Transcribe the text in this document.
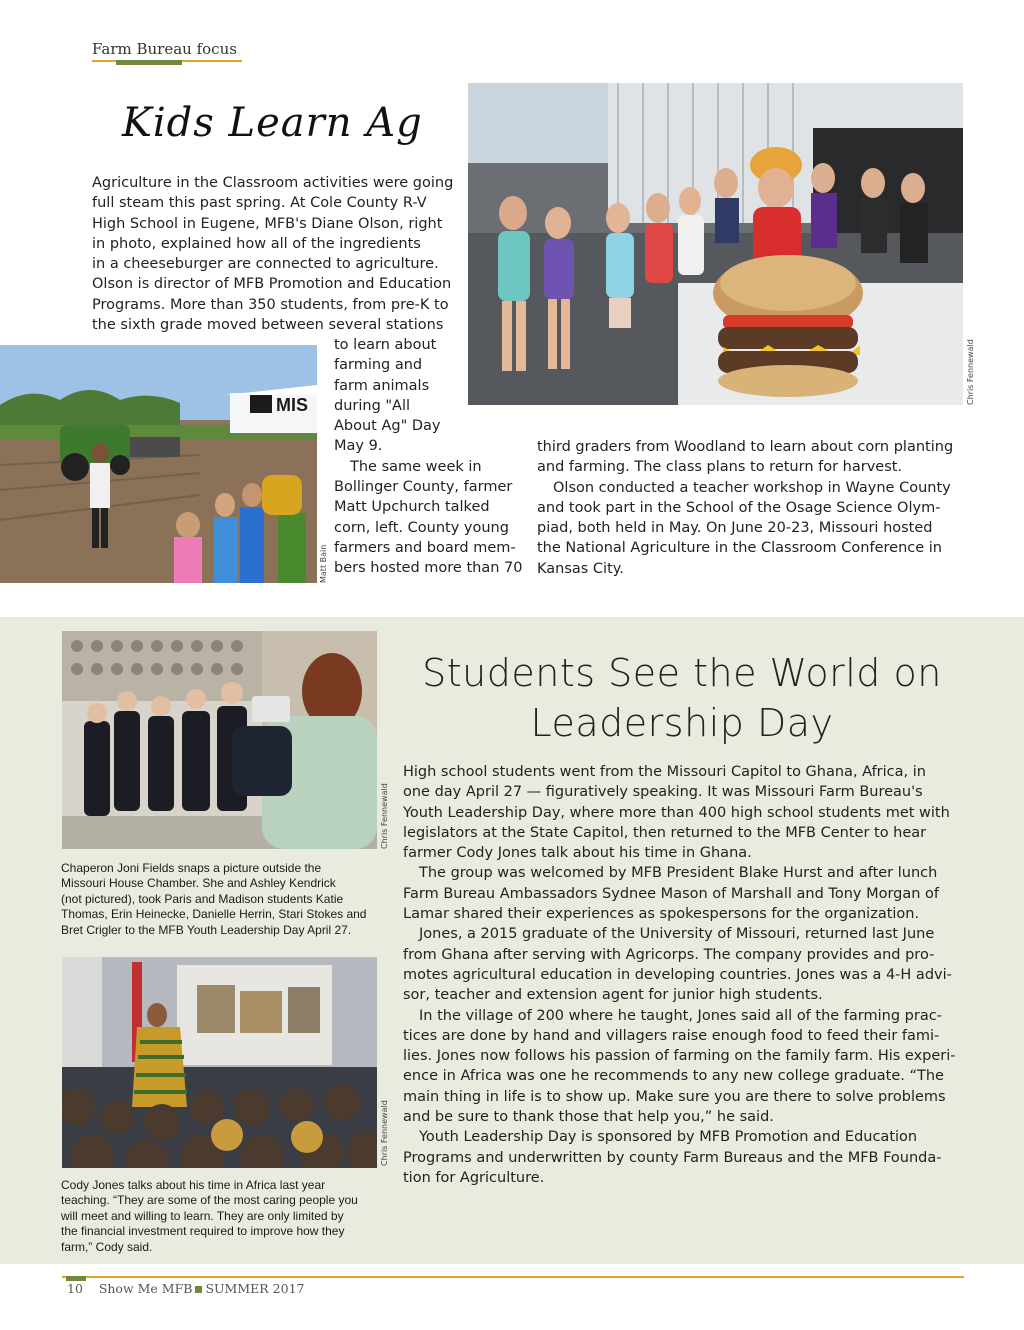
Farm Bureau focus
Kids Learn Ag

Agriculture in the Classroom activities were going

full steam this past spring. At Cole County R-V

High School in Eugene, MFB's Diane Olson, right

in photo, explained how all of the ingredients

in a cheeseburger are connected to agriculture.

Olson is director of MFB Promotion and Education

Programs. More than 350 students, from pre-K to

the sixth grade moved between several stations

to learn about

farming and

farm animals

during "All

About Ag" Day

May 9.

The same week in

Bollinger County, farmer

Matt Upchurch talked

corn, left. County young

farmers and board mem-

bers hosted more than 70

third graders from Woodland to learn about corn planting

and farming. The class plans to return for harvest.

Olson conducted a teacher workshop in Wayne County

and took part in the School of the Osage Science Olym-

piad, both held in May. On June 20-23, Missouri hosted

the National Agriculture in the Classroom Conference in

Kansas City.

Chris Fennewald
MIS
Matt Bain
Chris Fennewald
Chaperon Joni Fields snaps a picture outside the
Missouri House Chamber. She and Ashley Kendrick
(not pictured), took Paris and Madison students Katie
Thomas, Erin Heinecke, Danielle Herrin, Stari Stokes and
Bret Crigler to the MFB Youth Leadership Day April 27.
Chris Fennewald
Cody Jones talks about his time in Africa last year
teaching. “They are some of the most caring people you
will meet and willing to learn. They are only limited by
the financial investment required to improve how they
farm,” Cody said.
Students See the World on
Leadership Day

High school students went from the Missouri Capitol to Ghana, Africa, in

one day April 27 — figuratively speaking. It was Missouri Farm Bureau's

Youth Leadership Day, where more than 400 high school students met with

legislators at the State Capitol, then returned to the MFB Center to hear

farmer Cody Jones talk about his time in Ghana.

The group was welcomed by MFB President Blake Hurst and after lunch

Farm Bureau Ambassadors Sydnee Mason of Marshall and Tony Morgan of

Lamar shared their experiences as spokespersons for the organization.

Jones, a 2015 graduate of the University of Missouri, returned last June

from Ghana after serving with Agricorps. The company provides and pro-

motes agricultural education in developing countries. Jones was a 4-H advi-

sor, teacher and extension agent for junior high students.

In the village of 200 where he taught, Jones said all of the farming prac-

tices are done by hand and villagers raise enough food to feed their fami-

lies. Jones now follows his passion of farming on the family farm. His experi-

ence in Africa was one he recommends to any new college graduate. “The

main thing in life is to show up. Make sure you are there to solve problems

and be sure to thank those that help you,” he said.

Youth Leadership Day is sponsored by MFB Promotion and Education

Programs and underwritten by county Farm Bureaus and the MFB Founda-

tion for Agriculture.

10 Show Me MFB SUMMER 2017
